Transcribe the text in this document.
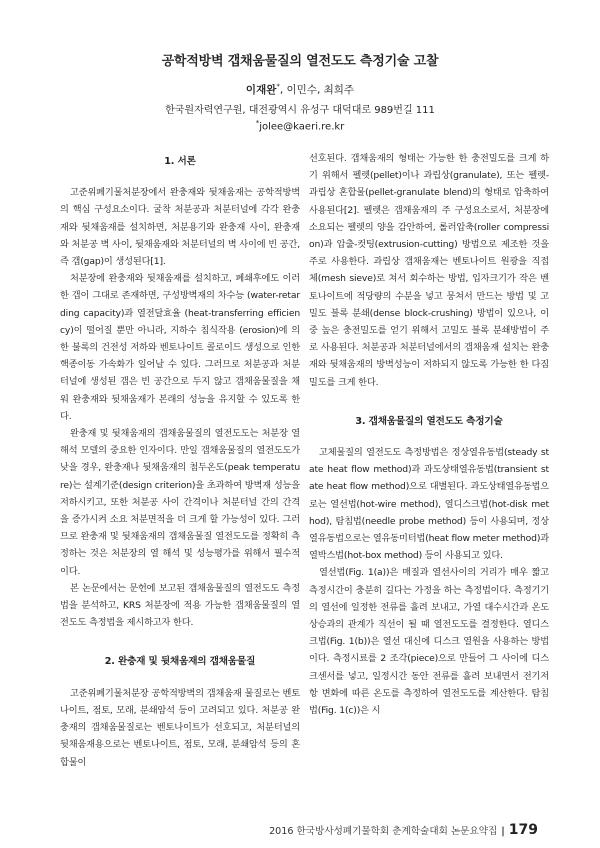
공학적방벽 갭채움물질의 열전도도 측정기술 고찰
이재완*, 이민수, 최희주
한국원자력연구원, 대전광역시 유성구 대덕대로 989번길 111
*jolee@kaeri.re.kr
1. 서론

고준위폐기물처분장에서 완충재와 뒷채움재는 공학적방벽의 핵심 구성요소이다. 굴착 처분공과 처분터널에 각각 완충재와 뒷채움재를 설치하면, 처분용기와 완충재 사이, 완충재와 처분공 벽 사이, 뒷채움재와 처분터널의 벽 사이에 빈 공간, 즉 갭(gap)이 생성된다[1].

처분장에 완충재와 뒷채움재를 설치하고, 폐쇄후에도 이러한 갭이 그대로 존재하면, 구성방벽재의 차수능 (water-retarding capacity)과 열전달효율 (heat-transferring efficiency)이 떨어질 뿐만 아니라, 지하수 침식작용 (erosion)에 의한 불록의 건전성 저하와 벤토나이트 콜로이드 생성으로 인한 핵종이동 가속화가 일어날 수 있다. 그러므로 처분공과 처분터널에 생성된 갭은 빈 공간으로 두지 않고 갭채움물질을 채워 완충재와 뒷채움재가 본래의 성능을 유지할 수 있도록 한다.

완충재 및 뒷채움재의 갭채움물질의 열전도도는 처분장 열해석 모델의 중요한 인자이다. 만일 갭채움물질의 열전도도가 낮을 경우, 완충재나 뒷채움재의 첨두온도(peak temperature)는 설계기준(design criterion)을 초과하여 방벽재 성능을 저하시키고, 또한 처분공 사이 간격이나 처분터널 간의 간격을 증가시켜 소요 처분면적을 더 크게 할 가능성이 있다. 그러므로 완충재 및 뒷채움재의 갭채움물질 열전도도를 정확히 측정하는 것은 처분장의 열 해석 및 성능평가를 위해서 필수적이다.

본 논문에서는 문헌에 보고된 갭채움물질의 열전도도 측정법을 분석하고, KRS 처분장에 적용 가능한 갭채움물질의 열전도도 측정법을 제시하고자 한다.

2. 완충재 및 뒷채움재의 갭채움물질

고준위폐기물처분장 공학적방벽의 갭채움재 물질로는 벤토나이트, 점토, 모래, 분쇄암석 등이 고려되고 있다. 처분공 완충재의 갭채움물질로는 벤토나이트가 선호되고, 처분터널의 뒷채움재용으로는 벤토나이트, 점토, 모래, 분쇄암석 등의 혼합물이

선호된다. 갭채움재의 형태는 가능한 한 충전밀도를 크게 하기 위해서 펠렛(pellet)이나 과립상(granulate), 또는 펠렛-과립상 혼합물(pellet-granulate blend)의 형태로 압축하여 사용된다[2]. 펠렛은 갭채움재의 주 구성요소로서, 처분장에 소요되는 펠렛의 양을 감안하여, 롤러압축(roller compression)과 압출-컷팅(extrusion-cutting) 방법으로 제조한 것을 주로 사용한다. 과립상 갭채움재는 벤토나이트 원광을 직접 체(mesh sieve)로 쳐서 회수하는 방법, 입자크기가 작은 벤토나이트에 적당량의 수분을 넣고 뭉쳐서 만드는 방법 및 고밀도 블록 분쇄(dense block-crushing) 방법이 있으나, 이 중 높은 충전밀도를 얻기 위해서 고밀도 블록 분쇄방법이 주로 사용된다. 처분공과 처분터널에서의 갭채움재 설치는 완충재와 뒷채움재의 방벽성능이 저하되지 않도록 가능한 한 다짐밀도를 크게 한다.

3. 갭채움물질의 열전도도 측정기술

고체물질의 열전도도 측정방법은 정상열유동법(steady state heat flow method)과 과도상태열유동법(transient state heat flow method)으로 대별된다. 과도상태열유동법으로는 열선법(hot-wire method), 열디스크법(hot-disk method), 탐침법(needle probe method) 등이 사용되며, 정상열유동법으로는 열유동미터법(heat flow meter method)과 열박스법(hot-box method) 등이 사용되고 있다.

열선법(Fig. 1(a))은 매질과 열선사이의 거리가 매우 짧고 측정시간이 충분히 길다는 가정을 하는 측정법이다. 측정기기의 열선에 일정한 전류를 흘려 보내고, 가열 대수시간과 온도 상승과의 관계가 직선이 될 때 열전도도를 결정한다. 열디스크법(Fig. 1(b))은 열선 대신에 디스크 열원을 사용하는 방법이다. 측정시료를 2 조각(piece)으로 만들어 그 사이에 디스크센서를 넣고, 일정시간 동안 전류를 흘려 보내면서 전기저항 변화에 따른 온도를 측정하여 열전도도를 계산한다. 탐침법(Fig. 1(c))은 시

2016 한국방사성폐기물학회 춘계학술대회 논문요약집 | 179
